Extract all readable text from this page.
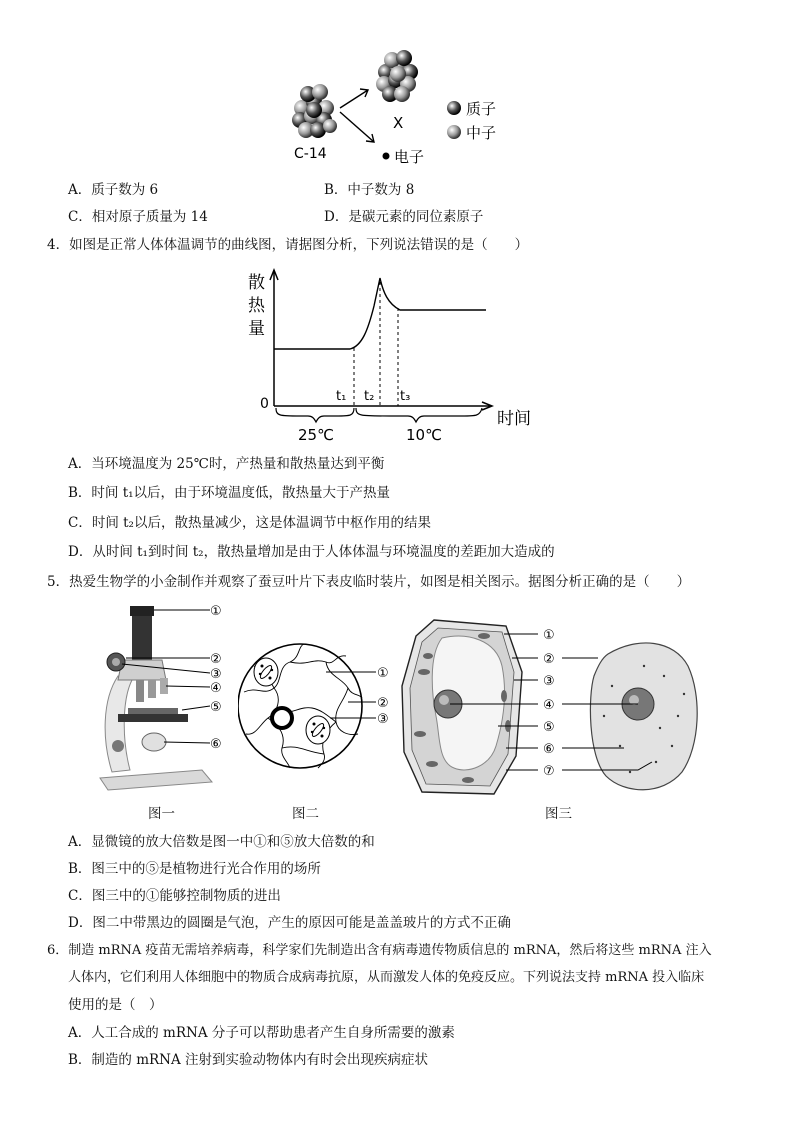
C-14
X
电子
质子
中子
A．质子数为 6	B．中子数为 8
C．相对原子质量为 14	D．是碳元素的同位素原子
4．如图是正常人体体温调节的曲线图，请据图分析，下列说法错误的是（　　）
散
热
量
0
时间
t₁ t₂ t₃
25℃	10℃
A．当环境温度为 25℃时，产热量和散热量达到平衡
B．时间 t₁以后，由于环境温度低，散热量大于产热量
C．时间 t₂以后，散热量减少，这是体温调节中枢作用的结果
D．从时间 t₁到时间 t₂，散热量增加是由于人体体温与环境温度的差距加大造成的
5．热爱生物学的小金制作并观察了蚕豆叶片下表皮临时装片，如图是相关图示。据图分析正确的是（　　）
①
②
③
④
⑤
⑥
①
②
③
①
②
③
④
⑤
⑥
⑦
图一	图二	图三
A．显微镜的放大倍数是图一中①和⑤放大倍数的和
B．图三中的⑤是植物进行光合作用的场所
C．图三中的①能够控制物质的进出
D．图二中带黑边的圆圈是气泡，产生的原因可能是盖盖玻片的方式不正确
6．制造 mRNA 疫苗无需培养病毒，科学家们先制造出含有病毒遗传物质信息的 mRNA，然后将这些 mRNA 注入
人体内，它们利用人体细胞中的物质合成病毒抗原，从而激发人体的免疫反应。下列说法支持 mRNA 投入临床
使用的是（　）
A．人工合成的 mRNA 分子可以帮助患者产生自身所需要的激素
B．制造的 mRNA 注射到实验动物体内有时会出现疾病症状
